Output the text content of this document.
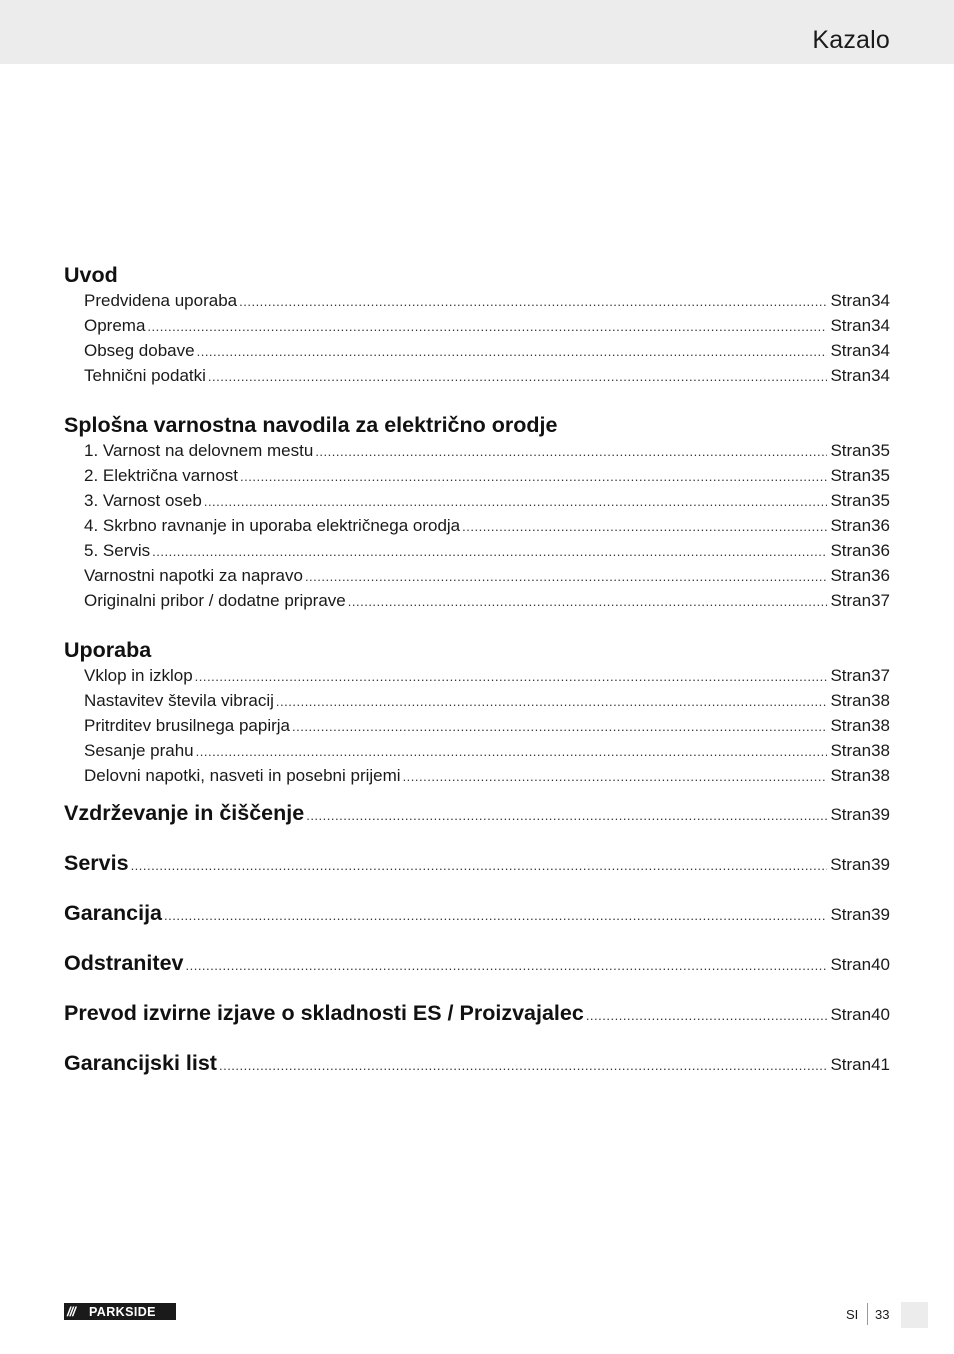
Kazalo
Uvod
Predvidena uporaba .....	Stran 34
Oprema .....	Stran 34
Obseg dobave .....	Stran 34
Tehnični podatki .....	Stran 34
Splošna varnostna navodila za električno orodje
1. Varnost na delovnem mestu .....	Stran 35
2. Električna varnost .....	Stran 35
3. Varnost oseb .....	Stran 35
4. Skrbno ravnanje in uporaba električnega orodja .....	Stran 36
5. Servis .....	Stran 36
Varnostni napotki za napravo .....	Stran 36
Originalni pribor / dodatne priprave .....	Stran 37
Uporaba
Vklop in izklop .....	Stran 37
Nastavitev števila vibracij .....	Stran 38
Pritrditev brusilnega papirja .....	Stran 38
Sesanje prahu .....	Stran 38
Delovni napotki, nasveti in posebni prijemi .....	Stran 38
Vzdrževanje in čiščenje .....	Stran 39
Servis .....	Stran 39
Garancija .....	Stran 39
Odstranitev .....	Stran 40
Prevod izvirne izjave o skladnosti ES / Proizvajalec .....	Stran 40
Garancijski list .....	Stran 41
///	PARKSIDE	SI 33
